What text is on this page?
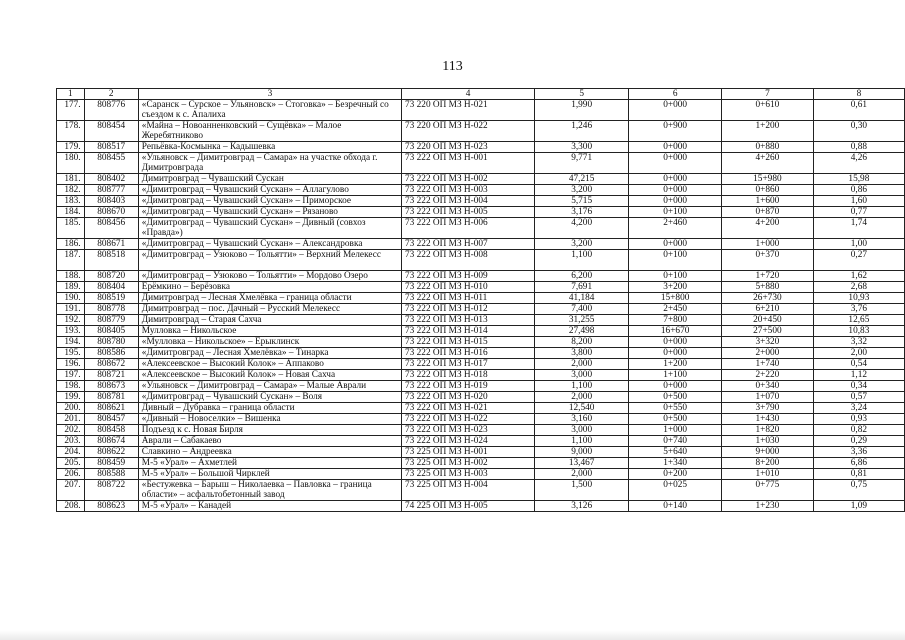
113
1	2	3	4	5	6	7	8
177.	808776	«Саранск – Сурское – Ульяновск» – Стоговка» – Безречный со съездом к с. Апалиха	73 220 ОП МЗ Н-021	1,990	0+000	0+610	0,61
178.	808454	«Майна – Новоанненковский – Сущёвка» – Малое Жеребятниково	73 220 ОП МЗ Н-022	1,246	0+900	1+200	0,30
179.	808517	Репьёвка-Космынка – Кадышевка	73 220 ОП МЗ Н-023	3,300	0+000	0+880	0,88
180.	808455	«Ульяновск – Димитровград – Самара» на участке обхода г. Димитровграда	73 222 ОП МЗ Н-001	9,771	0+000	4+260	4,26
181.	808402	Димитровград – Чувашский Сускан	73 222 ОП МЗ Н-002	47,215	0+000	15+980	15,98
182.	808777	«Димитровград – Чувашский Сускан» – Аллагулово	73 222 ОП МЗ Н-003	3,200	0+000	0+860	0,86
183.	808403	«Димитровград – Чувашский Сускан» – Приморское	73 222 ОП МЗ Н-004	5,715	0+000	1+600	1,60
184.	808670	«Димитровград – Чувашский Сускан» – Рязаново	73 222 ОП МЗ Н-005	3,176	0+100	0+870	0,77
185.	808456	«Димитровград – Чувашский Сускан» – Дивный (совхоз «Правда»)	73 222 ОП МЗ Н-006	4,200	2+460	4+200	1,74
186.	808671	«Димитровград – Чувашский Сускан» – Александровка	73 222 ОП МЗ Н-007	3,200	0+000	1+000	1,00
187.	808518	«Димитровград – Узюково – Тольятти» – Верхний Мелекесс	73 222 ОП МЗ Н-008	1,100	0+100	0+370	0,27
188.	808720	«Димитровград – Узюково – Тольятти» – Мордово Озеро	73 222 ОП МЗ Н-009	6,200	0+100	1+720	1,62
189.	808404	Ерёмкино – Берёзовка	73 222 ОП МЗ Н-010	7,691	3+200	5+880	2,68
190.	808519	Димитровград – Лесная Хмелёвка – граница области	73 222 ОП МЗ Н-011	41,184	15+800	26+730	10,93
191.	808778	Димитровград – пос. Дачный – Русский Мелекесс	73 222 ОП МЗ Н-012	7,400	2+450	6+210	3,76
192.	808779	Димитровград – Старая Сахча	73 222 ОП МЗ Н-013	31,255	7+800	20+450	12,65
193.	808405	Мулловка – Никольское	73 222 ОП МЗ Н-014	27,498	16+670	27+500	10,83
194.	808780	«Мулловка – Никольское» – Ерыклинск	73 222 ОП МЗ Н-015	8,200	0+000	3+320	3,32
195.	808586	«Димитровград – Лесная Хмелёвка» – Тинарка	73 222 ОП МЗ Н-016	3,800	0+000	2+000	2,00
196.	808672	«Алексеевское – Высокий Колок» – Аппаково	73 222 ОП МЗ Н-017	2,000	1+200	1+740	0,54
197.	808721	«Алексеевское – Высокий Колок» – Новая Сахча	73 222 ОП МЗ Н-018	3,000	1+100	2+220	1,12
198.	808673	«Ульяновск – Димитровград – Самара» – Малые Аврали	73 222 ОП МЗ Н-019	1,100	0+000	0+340	0,34
199.	808781	«Димитровград – Чувашский Сускан» – Воля	73 222 ОП МЗ Н-020	2,000	0+500	1+070	0,57
200.	808621	Дивный – Дубравка – граница области	73 222 ОП МЗ Н-021	12,540	0+550	3+790	3,24
201.	808457	«Дивный – Новоселки» – Вишенка	73 222 ОП МЗ Н-022	3,160	0+500	1+430	0,93
202.	808458	Подъезд к с. Новая Бирля	73 222 ОП МЗ Н-023	3,000	1+000	1+820	0,82
203.	808674	Аврали – Сабакаево	73 222 ОП МЗ Н-024	1,100	0+740	1+030	0,29
204.	808622	Славкино – Андреевка	73 225 ОП МЗ Н-001	9,000	5+640	9+000	3,36
205.	808459	М-5 «Урал» – Ахметлей	73 225 ОП МЗ Н-002	13,467	1+340	8+200	6,86
206.	808588	М-5 «Урал» – Большой Чирклей	73 225 ОП МЗ Н-003	2,000	0+200	1+010	0,81
207.	808722	«Бестужевка – Барыш – Николаевка – Павловка – граница области» – асфальтобетонный завод	73 225 ОП МЗ Н-004	1,500	0+025	0+775	0,75
208.	808623	М-5 «Урал» – Канадей	74 225 ОП МЗ Н-005	3,126	0+140	1+230	1,09
